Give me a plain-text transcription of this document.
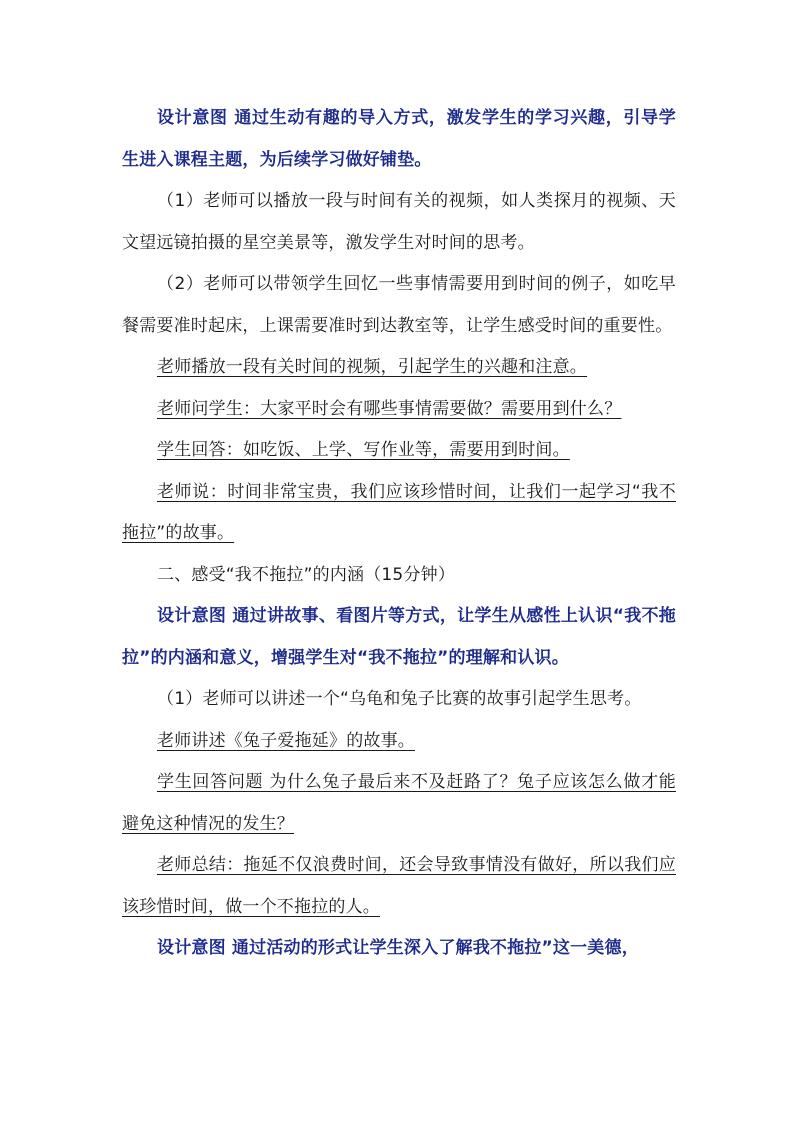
设计意图 通过生动有趣的导入方式，激发学生的学习兴趣，引导学生进入课程主题，为后续学习做好铺垫。

（1）老师可以播放一段与时间有关的视频，如人类探月的视频、天文望远镜拍摄的星空美景等，激发学生对时间的思考。

（2）老师可以带领学生回忆一些事情需要用到时间的例子，如吃早餐需要准时起床，上课需要准时到达教室等，让学生感受时间的重要性。

老师播放一段有关时间的视频，引起学生的兴趣和注意。

老师问学生：大家平时会有哪些事情需要做？需要用到什么？

学生回答：如吃饭、上学、写作业等，需要用到时间。

老师说：时间非常宝贵，我们应该珍惜时间，让我们一起学习“我不拖拉”的故事。

二、感受“我不拖拉”的内涵（15分钟）

设计意图 通过讲故事、看图片等方式，让学生从感性上认识“我不拖拉”的内涵和意义，增强学生对“我不拖拉”的理解和认识。

（1）老师可以讲述一个“乌龟和兔子比赛的故事引起学生思考。

老师讲述《兔子爱拖延》的故事。

学生回答问题 为什么兔子最后来不及赶路了？兔子应该怎么做才能避免这种情况的发生？

老师总结：拖延不仅浪费时间，还会导致事情没有做好，所以我们应该珍惜时间，做一个不拖拉的人。

设计意图 通过活动的形式让学生深入了解我不拖拉”这一美德，
